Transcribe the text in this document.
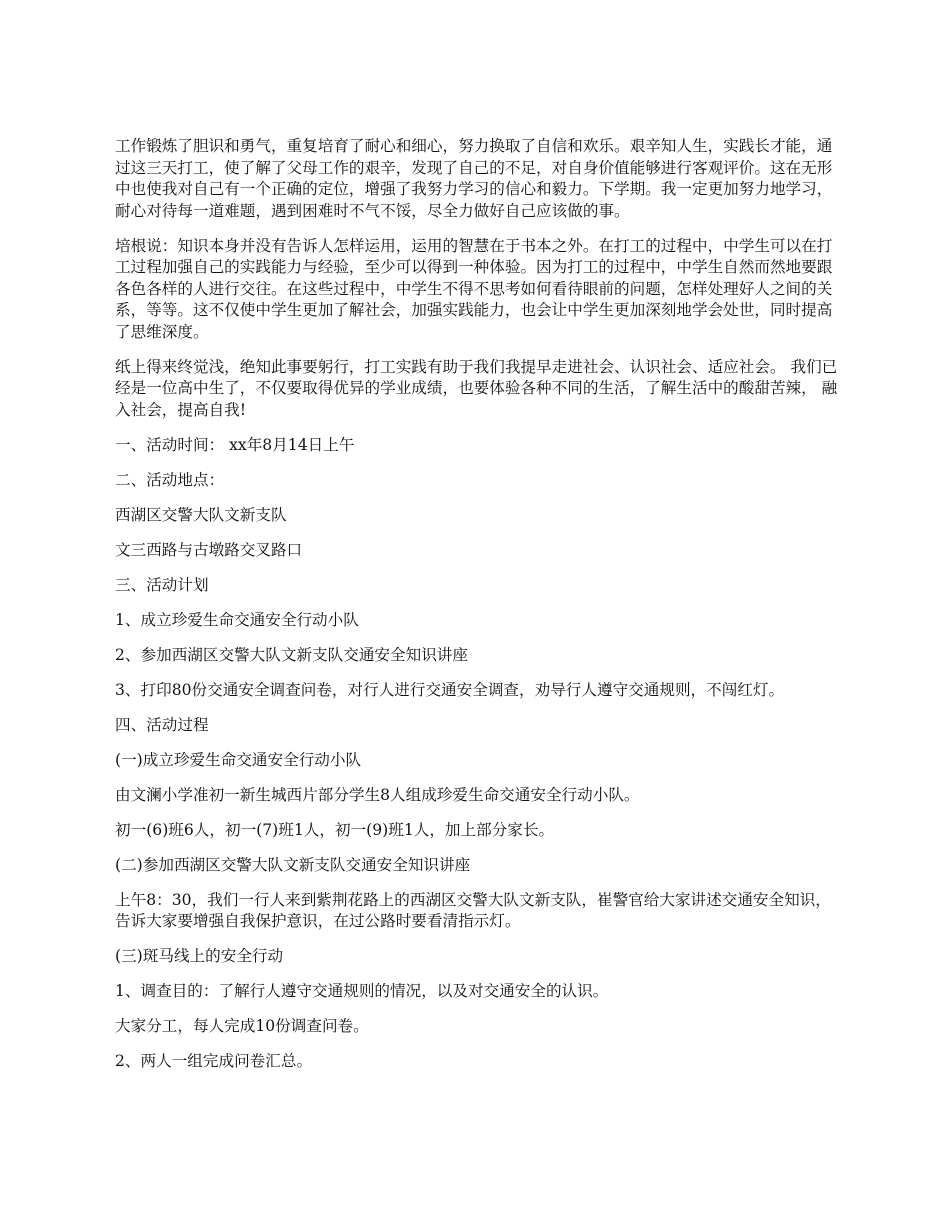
工作锻炼了胆识和勇气，重复培育了耐心和细心，努力换取了自信和欢乐。艰辛知人生，实践长才能，通过这三天打工，使了解了父母工作的艰辛，发现了自己的不足，对自身价值能够进行客观评价。这在无形中也使我对自己有一个正确的定位，增强了我努力学习的信心和毅力。下学期。我一定更加努力地学习，耐心对待每一道难题，遇到困难时不气不馁，尽全力做好自己应该做的事。

培根说：知识本身并没有告诉人怎样运用，运用的智慧在于书本之外。在打工的过程中，中学生可以在打工过程加强自己的实践能力与经验，至少可以得到一种体验。因为打工的过程中，中学生自然而然地要跟各色各样的人进行交往。在这些过程中，中学生不得不思考如何看待眼前的问题，怎样处理好人之间的关系，等等。这不仅使中学生更加了解社会，加强实践能力，也会让中学生更加深刻地学会处世，同时提高了思维深度。

纸上得来终觉浅，绝知此事要躬行，打工实践有助于我们我提早走进社会、认识社会、适应社会。 我们已经是一位高中生了，不仅要取得优异的学业成绩，也要体验各种不同的生活，了解生活中的酸甜苦辣， 融入社会，提高自我!

一、活动时间： xx年8月14日上午

二、活动地点：

西湖区交警大队文新支队

文三西路与古墩路交叉路口

三、活动计划

1、成立珍爱生命交通安全行动小队

2、参加西湖区交警大队文新支队交通安全知识讲座

3、打印80份交通安全调查问卷，对行人进行交通安全调查，劝导行人遵守交通规则，不闯红灯。

四、活动过程

(一)成立珍爱生命交通安全行动小队

由文澜小学准初一新生城西片部分学生8人组成珍爱生命交通安全行动小队。

初一(6)班6人，初一(7)班1人，初一(9)班1人，加上部分家长。

(二)参加西湖区交警大队文新支队交通安全知识讲座

上午8：30，我们一行人来到紫荆花路上的西湖区交警大队文新支队，崔警官给大家讲述交通安全知识，告诉大家要增强自我保护意识，在过公路时要看清指示灯。

(三)斑马线上的安全行动

1、调查目的：了解行人遵守交通规则的情况，以及对交通安全的认识。

大家分工，每人完成10份调查问卷。

2、两人一组完成问卷汇总。
